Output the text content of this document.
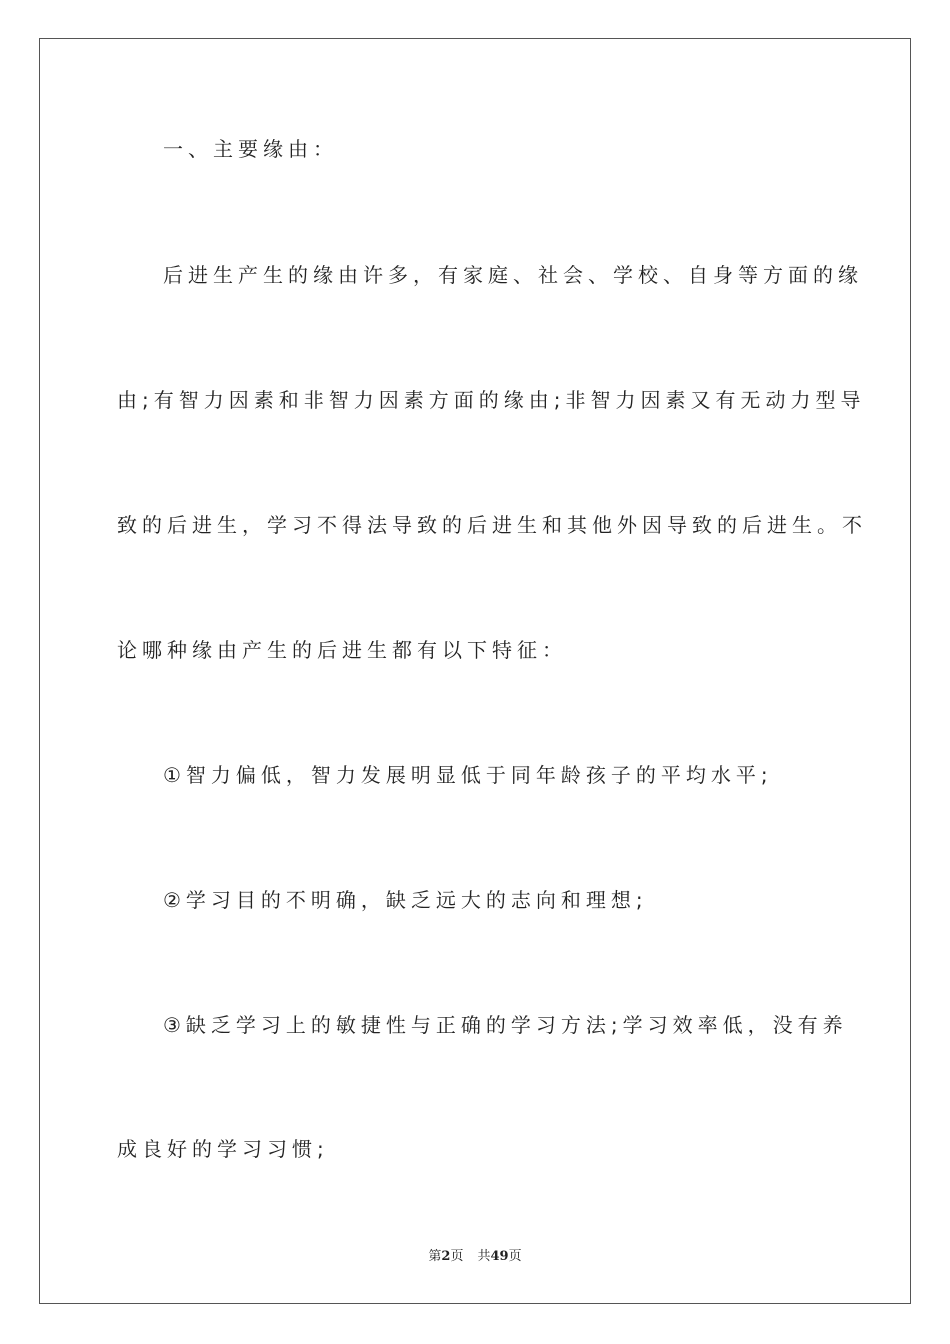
一、主要缘由：
后进生产生的缘由许多，有家庭、社会、学校、自身等方面的缘
由;有智力因素和非智力因素方面的缘由;非智力因素又有无动力型导
致的后进生，学习不得法导致的后进生和其他外因导致的后进生。不
论哪种缘由产生的后进生都有以下特征：
①智力偏低，智力发展明显低于同年龄孩子的平均水平;
②学习目的不明确，缺乏远大的志向和理想;
③缺乏学习上的敏捷性与正确的学习方法;学习效率低，没有养
成良好的学习习惯;
第2页 共49页
